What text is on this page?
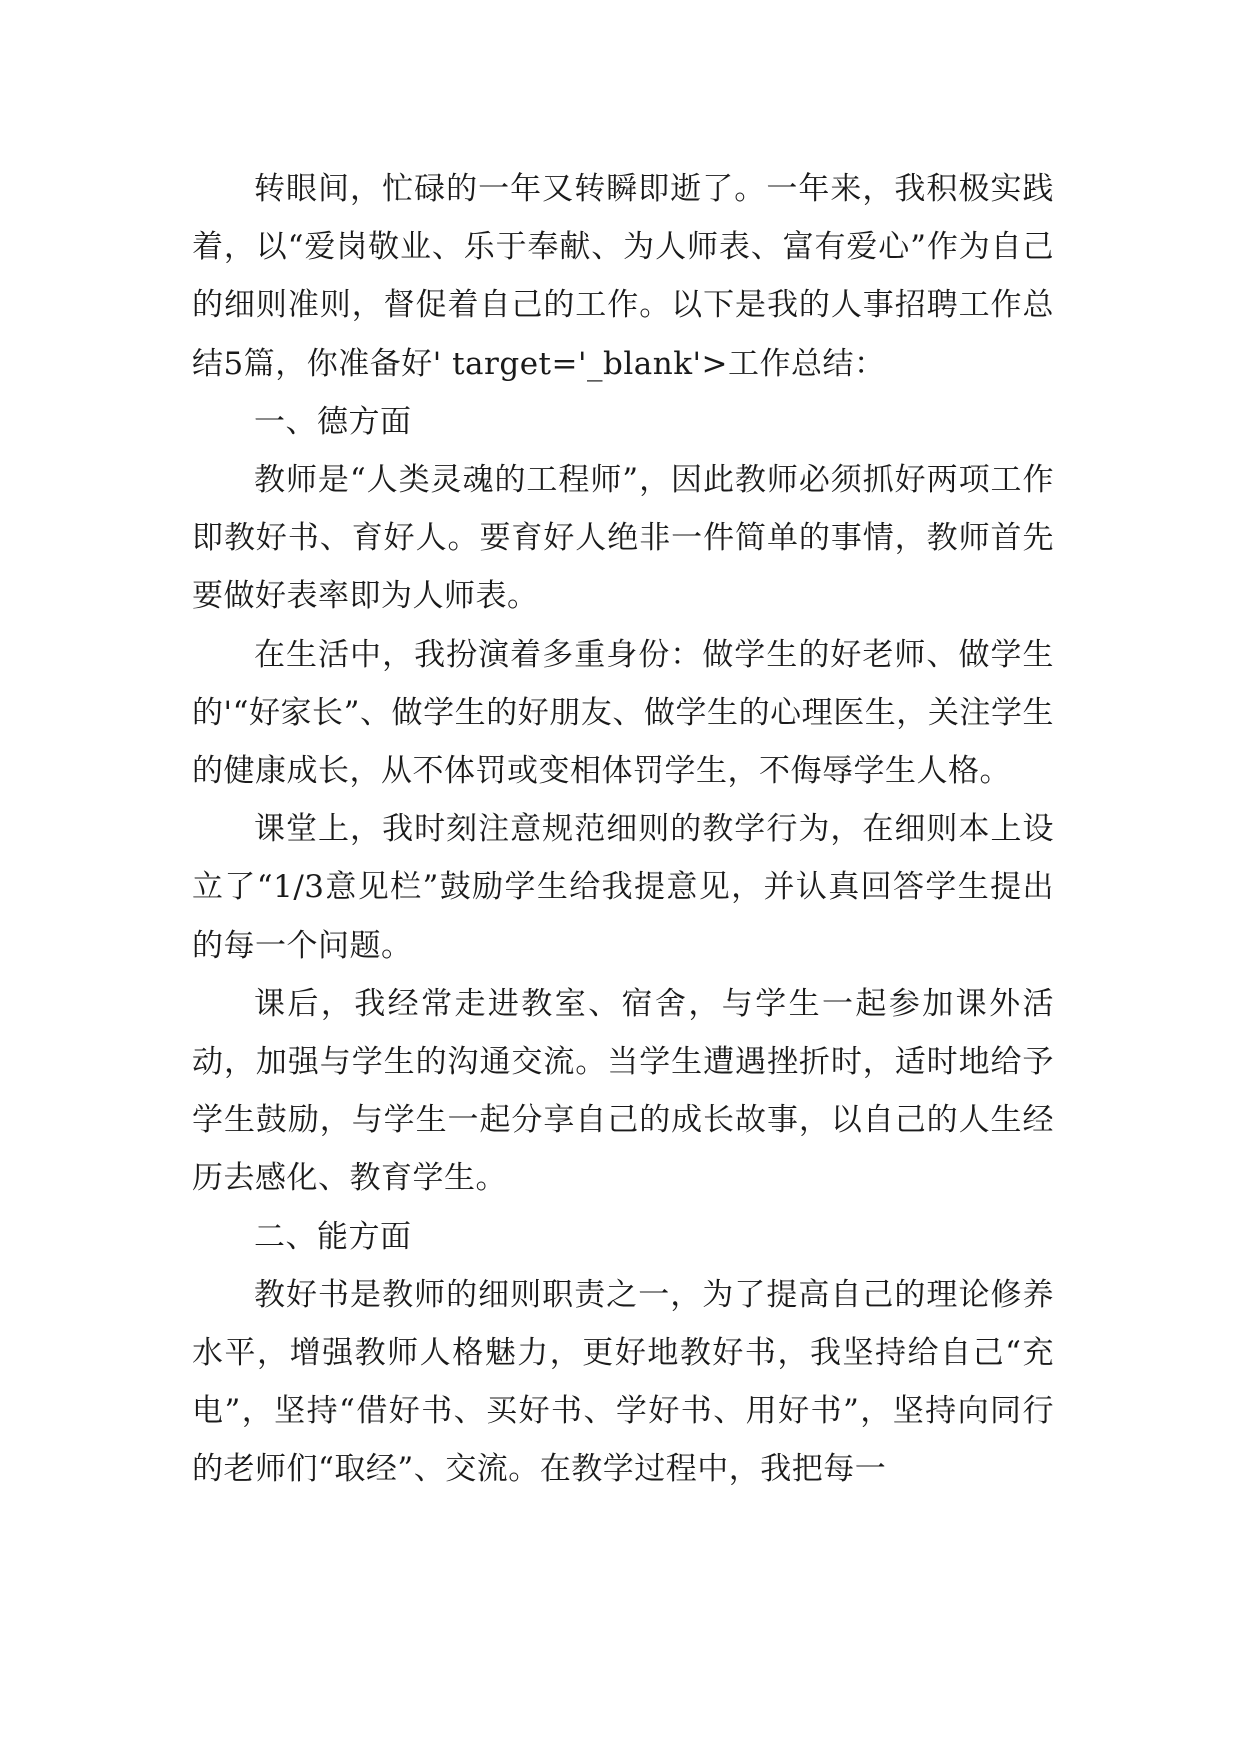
转眼间，忙碌的一年又转瞬即逝了。一年来，我积极实践着，以“爱岗敬业、乐于奉献、为人师表、富有爱心”作为自己的细则准则，督促着自己的工作。以下是我的人事招聘工作总结5篇，你准备好' target='_blank'>工作总结：

一、德方面

教师是“人类灵魂的工程师”，因此教师必须抓好两项工作即教好书、育好人。要育好人绝非一件简单的事情，教师首先要做好表率即为人师表。

在生活中，我扮演着多重身份：做学生的好老师、做学生的'“好家长”、做学生的好朋友、做学生的心理医生，关注学生的健康成长，从不体罚或变相体罚学生，不侮辱学生人格。

课堂上，我时刻注意规范细则的教学行为，在细则本上设立了“1/3意见栏”鼓励学生给我提意见，并认真回答学生提出的每一个问题。

课后，我经常走进教室、宿舍，与学生一起参加课外活动，加强与学生的沟通交流。当学生遭遇挫折时，适时地给予学生鼓励，与学生一起分享自己的成长故事，以自己的人生经历去感化、教育学生。

二、能方面

教好书是教师的细则职责之一，为了提高自己的理论修养水平，增强教师人格魅力，更好地教好书，我坚持给自己“充电”，坚持“借好书、买好书、学好书、用好书”，坚持向同行的老师们“取经”、交流。在教学过程中，我把每一
